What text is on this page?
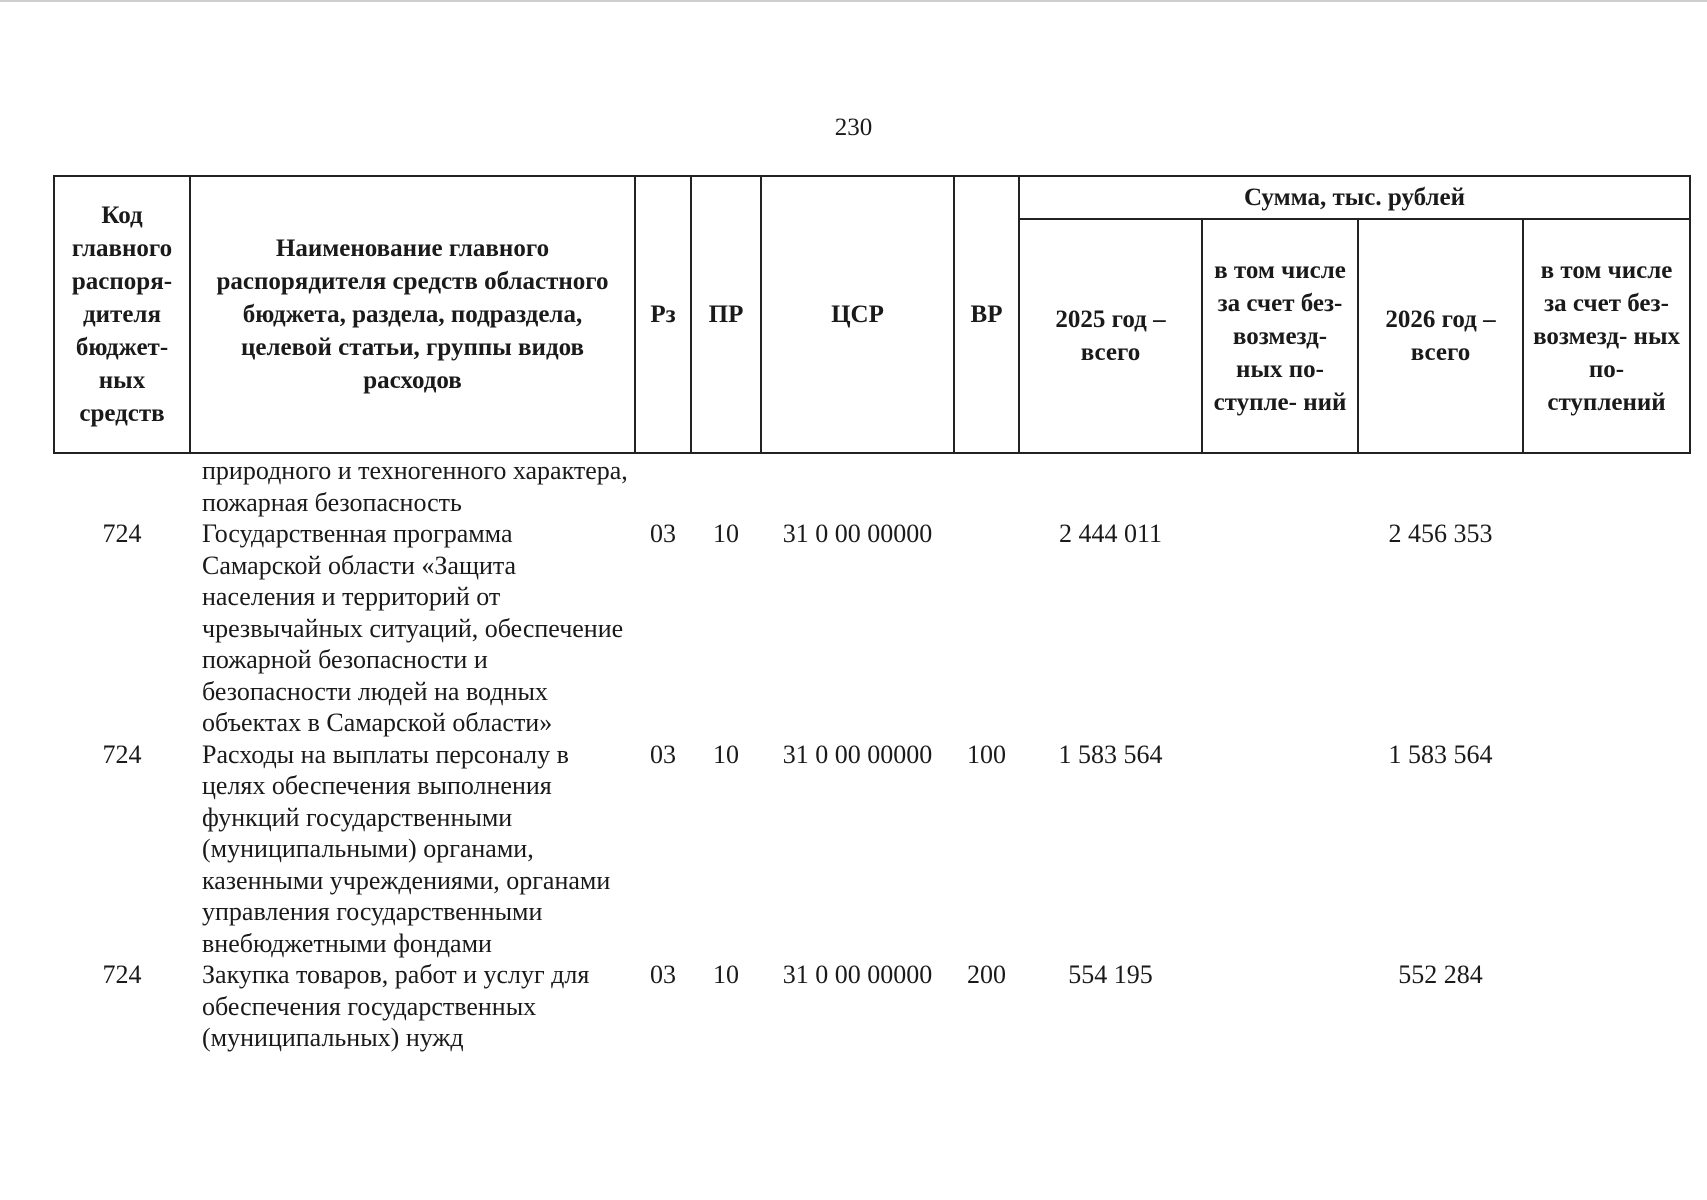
230
Код главного распоря- дителя бюджет- ных средств	Наименование главного распорядителя средств областного бюджета, раздела, подраздела, целевой статьи, группы видов расходов	Рз	ПР	ЦСР	ВР	Сумма, тыс. рублей			
						2025 год – всего	в том числе за счет без- возмезд- ных по- ступле- ний	2026 год – всего	в том числе за счет без- возмезд- ных по- ступлений
	природного и техногенного характера, пожарная безопасность								
724	Государственная программа Самарской области «Защита населения и территорий от чрезвычайных ситуаций, обеспечение пожарной безопасности и безопасности людей на водных объектах в Самарской области»	03	10	31 0 00 00000		2 444 011		2 456 353	
724	Расходы на выплаты персоналу в целях обеспечения выполнения функций государственными (муниципальными) органами, казенными учреждениями, органами управления государственными внебюджетными фондами	03	10	31 0 00 00000	100	1 583 564		1 583 564	
724	Закупка товаров, работ и услуг для обеспечения государственных (муниципальных) нужд	03	10	31 0 00 00000	200	554 195		552 284	
